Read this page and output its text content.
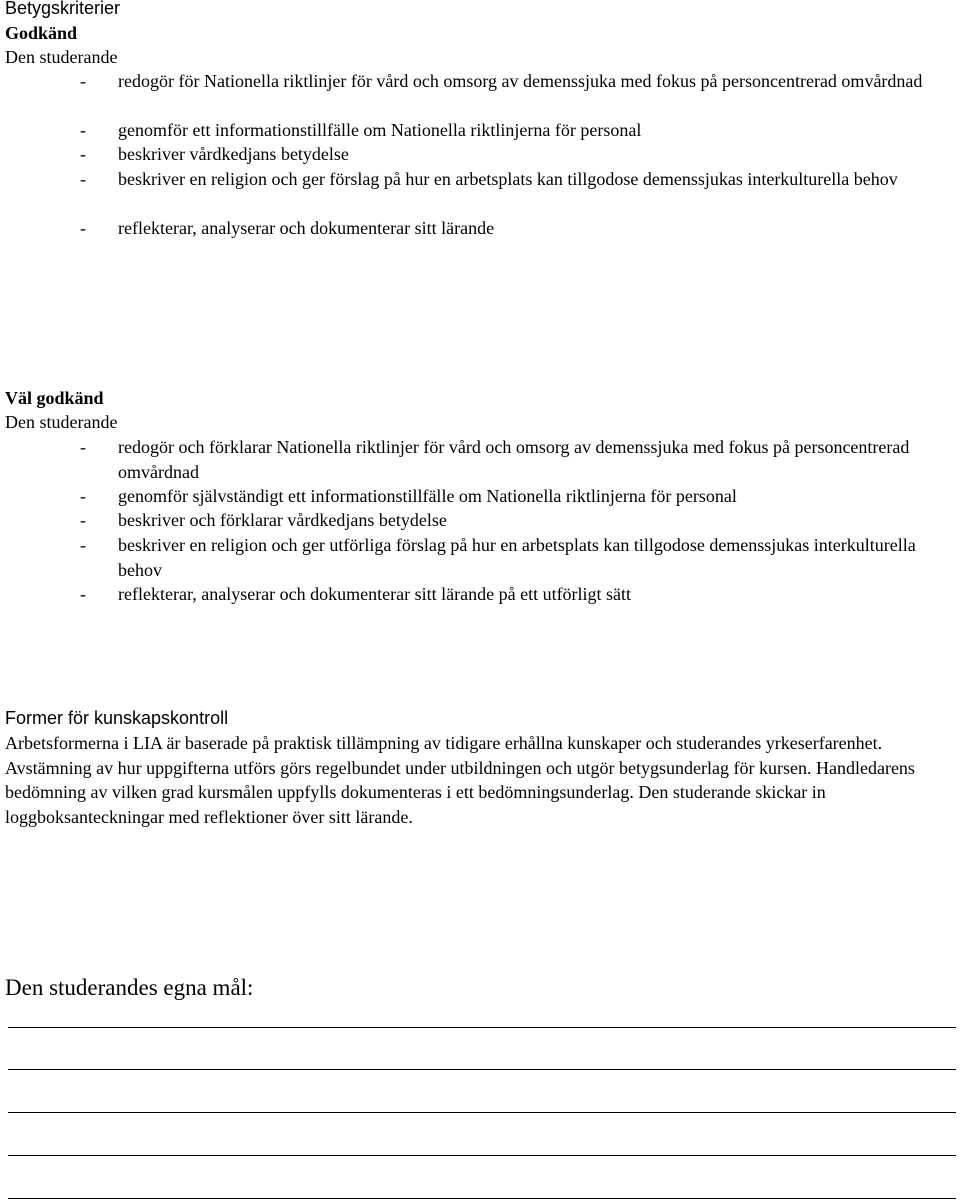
Betygskriterier
Godkänd
Den studerande
- redogör för Nationella riktlinjer för vård och omsorg av demenssjuka med fokus på personcentrerad omvårdnad
- genomför ett informationstillfälle om Nationella riktlinjerna för personal
- beskriver vårdkedjans betydelse
- beskriver en religion och ger förslag på hur en arbetsplats kan tillgodose demenssjukas interkulturella behov
- reflekterar, analyserar och dokumenterar sitt lärande
Väl godkänd
Den studerande
- redogör och förklarar Nationella riktlinjer för vård och omsorg av demenssjuka med fokus på personcentrerad omvårdnad
- genomför självständigt ett informationstillfälle om Nationella riktlinjerna för personal
- beskriver och förklarar vårdkedjans betydelse
- beskriver en religion och ger utförliga förslag på hur en arbetsplats kan tillgodose demenssjukas interkulturella behov
- reflekterar, analyserar och dokumenterar sitt lärande på ett utförligt sätt
Former för kunskapskontroll
Arbetsformerna i LIA är baserade på praktisk tillämpning av tidigare erhållna kunskaper och studerandes yrkeserfarenhet. Avstämning av hur uppgifterna utförs görs regelbundet under utbildningen och utgör betygsunderlag för kursen. Handledarens bedömning av vilken grad kursmålen uppfylls dokumenteras i ett bedömningsunderlag. Den studerande skickar in loggboksanteckningar med reflektioner över sitt lärande.
Den studerandes egna mål:
